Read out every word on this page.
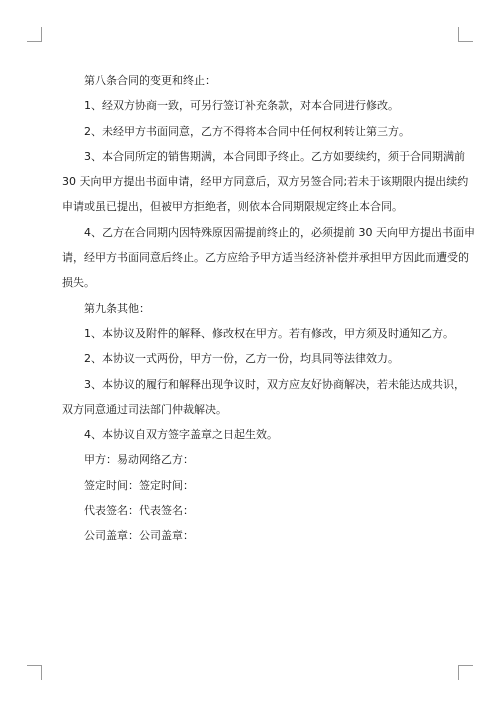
第八条合同的变更和终止：
1、经双方协商一致，可另行签订补充条款，对本合同进行修改。
2、未经甲方书面同意，乙方不得将本合同中任何权利转让第三方。
3、本合同所定的销售期满，本合同即予终止。乙方如要续约，须于合同期满前
30 天向甲方提出书面申请，经甲方同意后，双方另签合同;若未于该期限内提出续约
申请或虽已提出，但被甲方拒绝者，则依本合同期限规定终止本合同。
4、乙方在合同期内因特殊原因需提前终止的，必须提前 30 天向甲方提出书面申
请，经甲方书面同意后终止。乙方应给予甲方适当经济补偿并承担甲方因此而遭受的
损失。
第九条其他：
1、本协议及附件的解释、修改权在甲方。若有修改，甲方须及时通知乙方。
2、本协议一式两份，甲方一份，乙方一份，均具同等法律效力。
3、本协议的履行和解释出现争议时，双方应友好协商解决，若未能达成共识，
双方同意通过司法部门仲裁解决。
4、本协议自双方签字盖章之日起生效。
甲方：易动网络乙方：
签定时间：签定时间：
代表签名：代表签名：
公司盖章：公司盖章：
